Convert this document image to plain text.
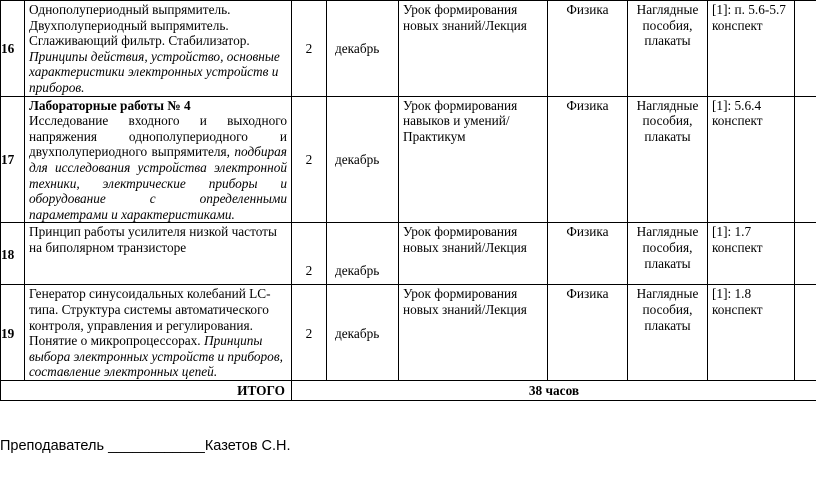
16	Однополупериодный выпрямитель.
Двухполупериодный выпрямитель.
Сглаживающий фильтр. Стабилизатор.
Принципы действия, устройство, основные характеристики электронных устройств и приборов.	2	декабрь	Урок формирования новых знаний/Лекция	Физика	Наглядные пособия, плакаты	[1]: п. 5.6-5.7 конспект	
17	Лабораторные работы № 4
Исследование входного и выходного напряжения однополупериодного и двухполупериодного выпрямителя, подбирая для исследования устройства электронной техники, электрические приборы и оборудование с определенными параметрами и характеристиками.	2	декабрь	Урок формирования навыков и умений/Практикум	Физика	Наглядные пособия, плакаты	[1]: 5.6.4 конспект	
18	Принцип работы усилителя низкой частоты на биполярном транзисторе	2	декабрь	Урок формирования новых знаний/Лекция	Физика	Наглядные пособия, плакаты	[1]: 1.7 конспект	
19	Генератор синусоидальных колебаний LC-типа. Структура системы автоматического контроля, управления и регулирования. Понятие о микропроцессорах. Принципы выбора электронных устройств и приборов, составление электронных цепей.	2	декабрь	Урок формирования новых знаний/Лекция	Физика	Наглядные пособия, плакаты	[1]: 1.8 конспект	
ИТОГО		38 часов						
Преподаватель ____________Казетов С.Н.
